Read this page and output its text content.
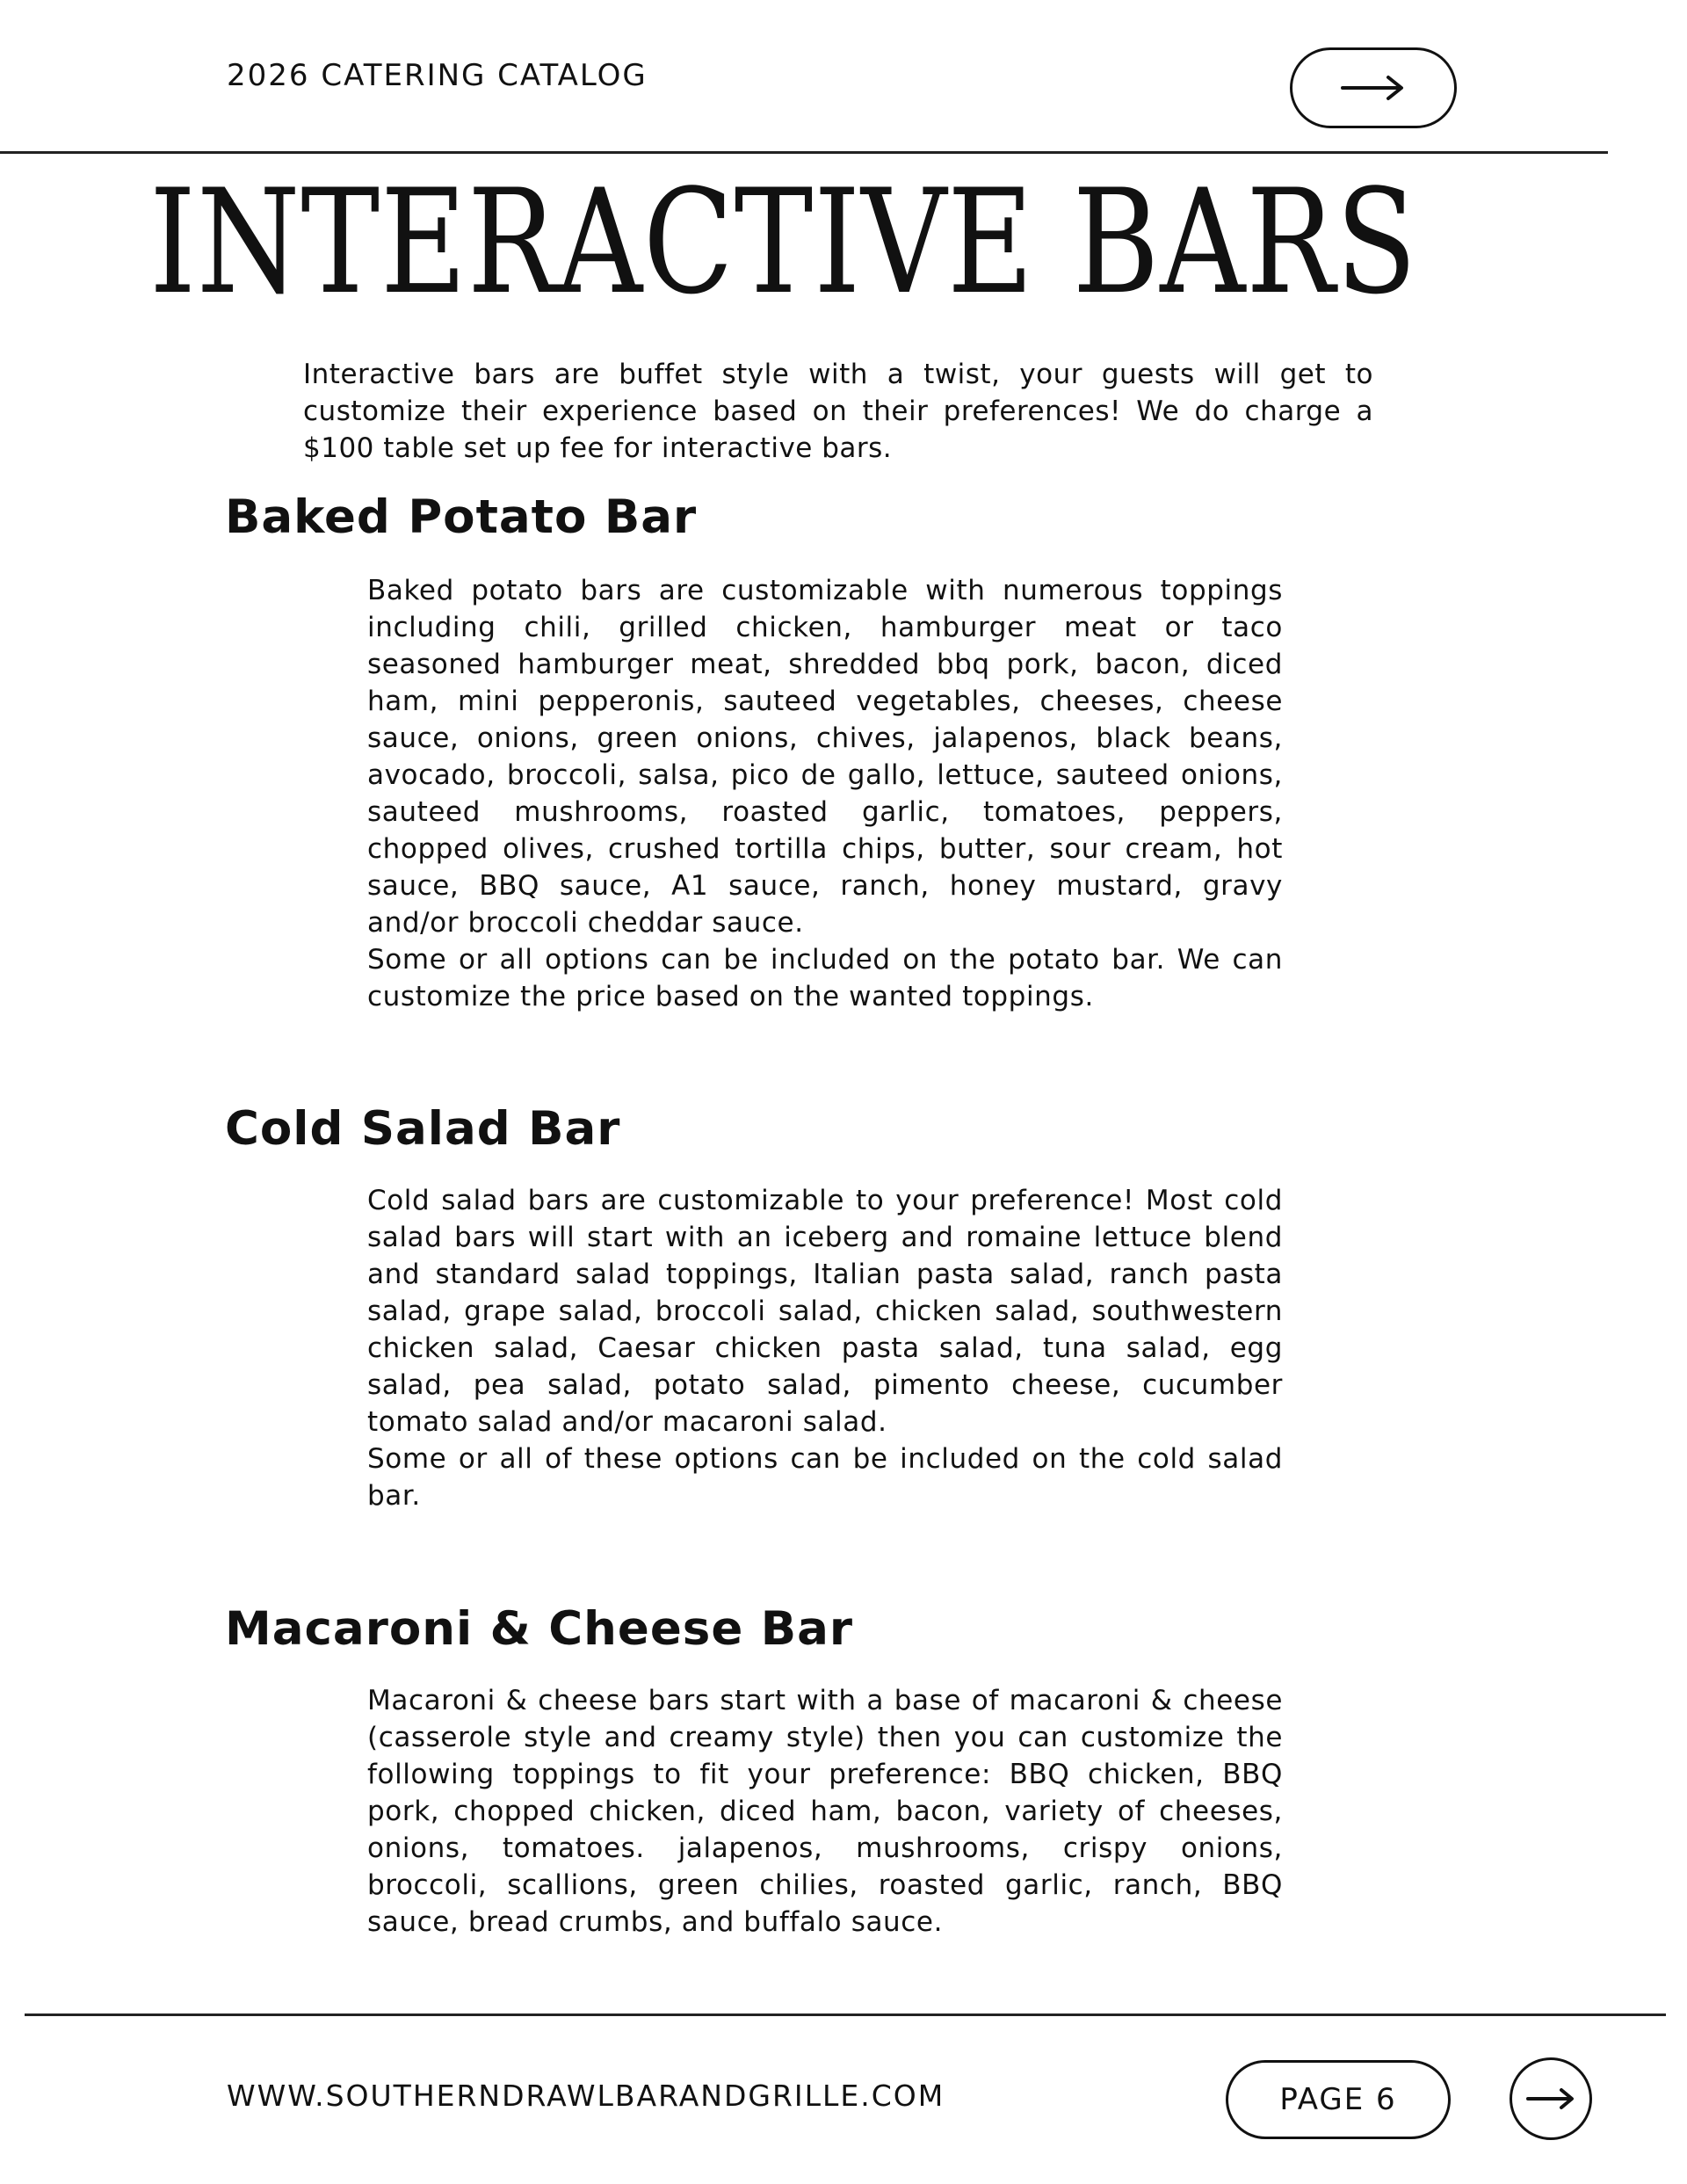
2026 CATERING CATALOG
INTERACTIVE BARS

Interactive bars are buffet style with a twist, your guests will get to customize their experience based on their preferences! We do charge a $100 table set up fee for interactive bars.

Baked Potato Bar
Baked potato bars are customizable with numerous toppings including chili, grilled chicken, hamburger meat or taco seasoned hamburger meat, shredded bbq pork, bacon, diced ham, mini pepperonis, sauteed vegetables, cheeses, cheese sauce, onions, green onions, chives, jalapenos, black beans, avocado, broccoli, salsa, pico de gallo, lettuce, sauteed onions, sauteed mushrooms, roasted garlic, tomatoes, peppers, chopped olives, crushed tortilla chips, butter, sour cream, hot sauce, BBQ sauce, A1 sauce, ranch, honey mustard, gravy and/or broccoli cheddar sauce.
Some or all options can be included on the potato bar. We can customize the price based on the wanted toppings.
Cold Salad Bar
Cold salad bars are customizable to your preference! Most cold salad bars will start with an iceberg and romaine lettuce blend and standard salad toppings, Italian pasta salad, ranch pasta salad, grape salad, broccoli salad, chicken salad, southwestern chicken salad, Caesar chicken pasta salad, tuna salad, egg salad, pea salad, potato salad, pimento cheese, cucumber tomato salad and/or macaroni salad.
Some or all of these options can be included on the cold salad bar.
Macaroni & Cheese Bar
Macaroni & cheese bars start with a base of macaroni & cheese (casserole style and creamy style) then you can customize the following toppings to fit your preference: BBQ chicken, BBQ pork, chopped chicken, diced ham, bacon, variety of cheeses, onions, tomatoes. jalapenos, mushrooms, crispy onions, broccoli, scallions, green chilies, roasted garlic, ranch, BBQ sauce, bread crumbs, and buffalo sauce.
WWW.SOUTHERNDRAWLBARANDGRILLE.COM	PAGE 6
